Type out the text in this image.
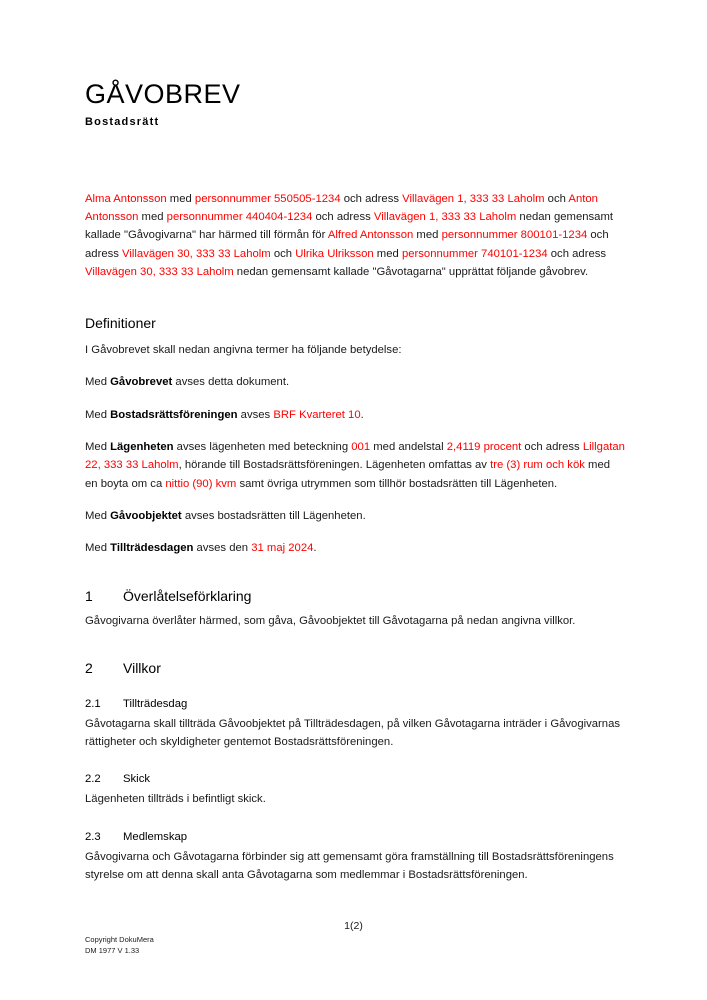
GÅVOBREV

Bostadsrätt

Alma Antonsson med personnummer 550505-1234 och adress Villavägen 1, 333 33 Laholm och Anton Antonsson med personnummer 440404-1234 och adress Villavägen 1, 333 33 Laholm nedan gemensamt kallade "Gåvogivarna" har härmed till förmån för Alfred Antonsson med personnummer 800101-1234 och adress Villavägen 30, 333 33 Laholm och Ulrika Ulriksson med personnummer 740101-1234 och adress Villavägen 30, 333 33 Laholm nedan gemensamt kallade "Gåvotagarna" upprättat följande gåvobrev.

Definitioner

I Gåvobrevet skall nedan angivna termer ha följande betydelse:

Med Gåvobrevet avses detta dokument.

Med Bostadsrättsföreningen avses BRF Kvarteret 10.

Med Lägenheten avses lägenheten med beteckning 001 med andelstal 2,4119 procent och adress Lillgatan 22, 333 33 Laholm, hörande till Bostadsrättsföreningen. Lägenheten omfattas av tre (3) rum och kök med en boyta om ca nittio (90) kvm samt övriga utrymmen som tillhör bostadsrätten till Lägenheten.

Med Gåvoobjektet avses bostadsrätten till Lägenheten.

Med Tillträdesdagen avses den 31 maj 2024.

1	Överlåtelseförklaring

Gåvogivarna överlåter härmed, som gåva, Gåvoobjektet till Gåvotagarna på nedan angivna villkor.

2	Villkor
2.1	Tillträdesdag

Gåvotagarna skall tillträda Gåvoobjektet på Tillträdesdagen, på vilken Gåvotagarna inträder i Gåvogivarnas rättigheter och skyldigheter gentemot Bostadsrättsföreningen.

2.2	Skick

Lägenheten tillträds i befintligt skick.

2.3	Medlemskap

Gåvogivarna och Gåvotagarna förbinder sig att gemensamt göra framställning till Bostadsrättsföreningens styrelse om att denna skall anta Gåvotagarna som medlemmar i Bostadsrättsföreningen.

1(2)
Copyright DokuMera
DM 1977 V 1.33
